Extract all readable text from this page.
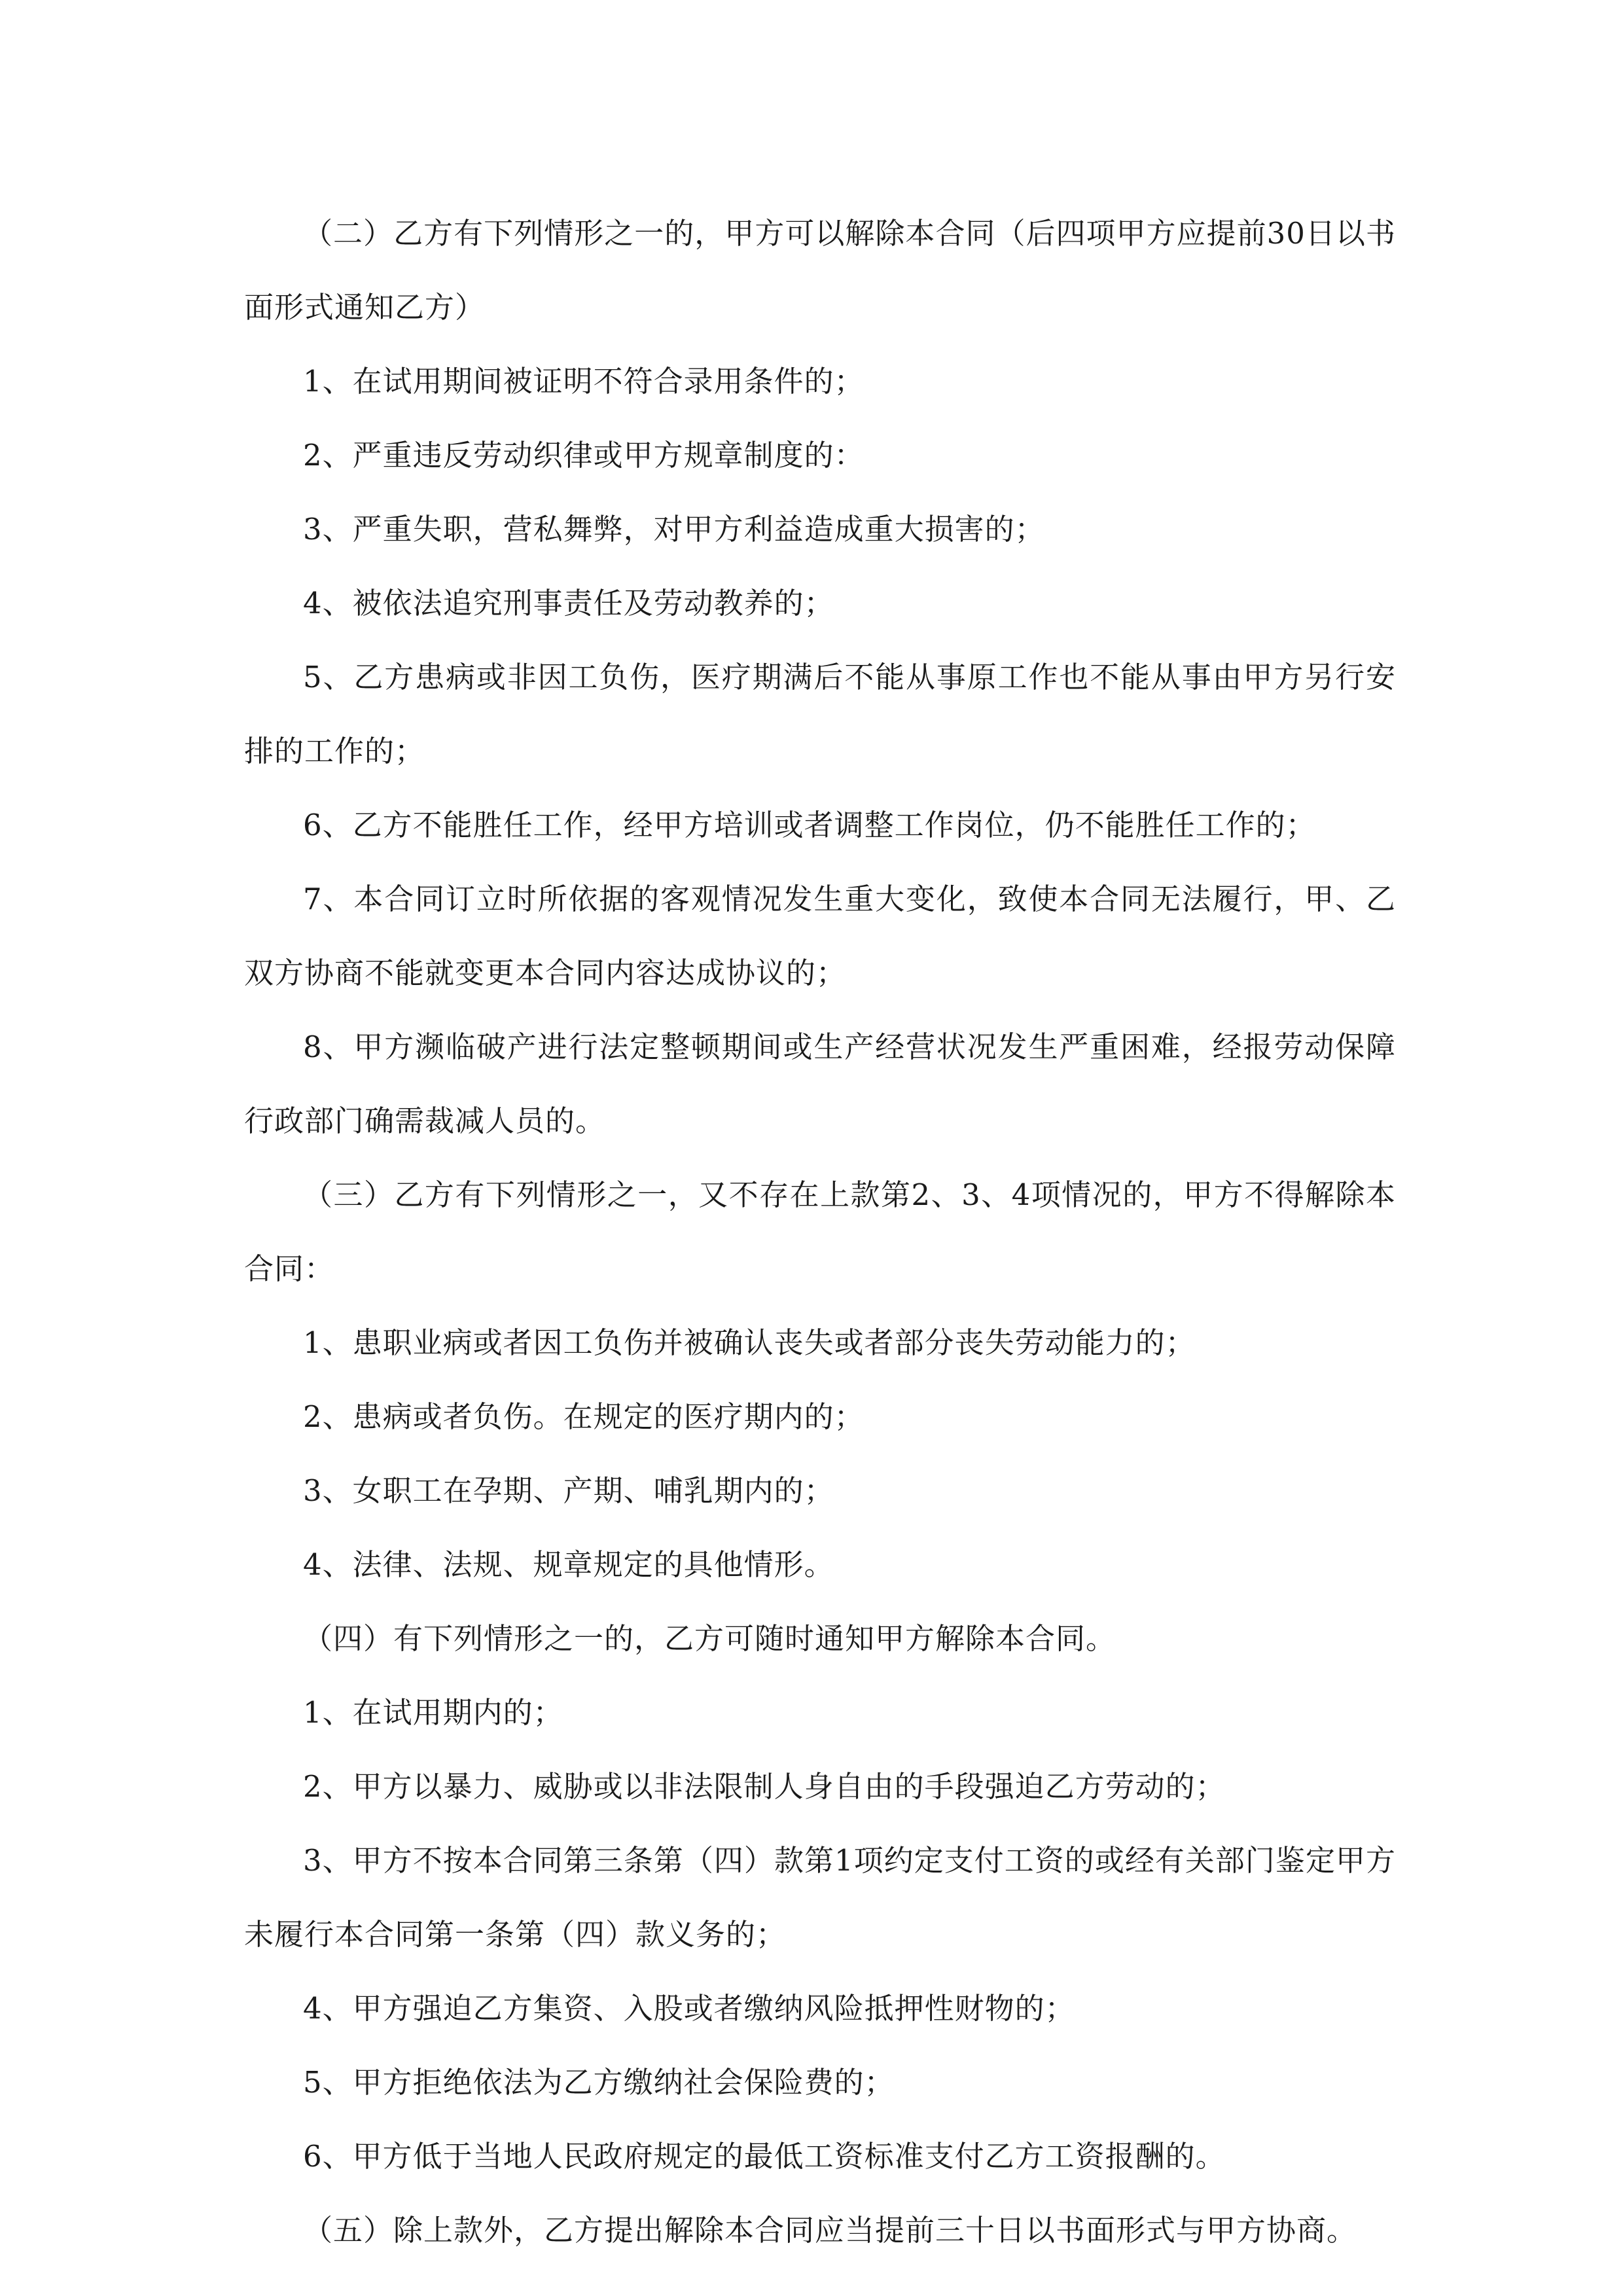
（二）乙方有下列情形之一的，甲方可以解除本合同（后四项甲方应提前30日以书面形式通知乙方）

1、在试用期间被证明不符合录用条件的；

2、严重违反劳动织律或甲方规章制度的：

3、严重失职，营私舞弊，对甲方利益造成重大损害的；

4、被依法追究刑事责任及劳动教养的；

5、乙方患病或非因工负伤，医疗期满后不能从事原工作也不能从事由甲方另行安排的工作的；

6、乙方不能胜任工作，经甲方培训或者调整工作岗位，仍不能胜任工作的；

7、本合同订立时所依据的客观情况发生重大变化，致使本合同无法履行，甲、乙双方协商不能就变更本合同内容达成协议的；

8、甲方濒临破产进行法定整顿期间或生产经营状况发生严重困难，经报劳动保障行政部门确需裁减人员的。

（三）乙方有下列情形之一，又不存在上款第2、3、4项情况的，甲方不得解除本合同：

1、患职业病或者因工负伤并被确认丧失或者部分丧失劳动能力的；

2、患病或者负伤。在规定的医疗期内的；

3、女职工在孕期、产期、哺乳期内的；

4、法律、法规、规章规定的具他情形。

（四）有下列情形之一的，乙方可随时通知甲方解除本合同。

1、在试用期内的；

2、甲方以暴力、威胁或以非法限制人身自由的手段强迫乙方劳动的；

3、甲方不按本合同第三条第（四）款第1项约定支付工资的或经有关部门鉴定甲方未履行本合同第一条第（四）款义务的；

4、甲方强迫乙方集资、入股或者缴纳风险抵押性财物的；

5、甲方拒绝依法为乙方缴纳社会保险费的；

6、甲方低于当地人民政府规定的最低工资标准支付乙方工资报酬的。

（五）除上款外，乙方提出解除本合同应当提前三十日以书面形式与甲方协商。
